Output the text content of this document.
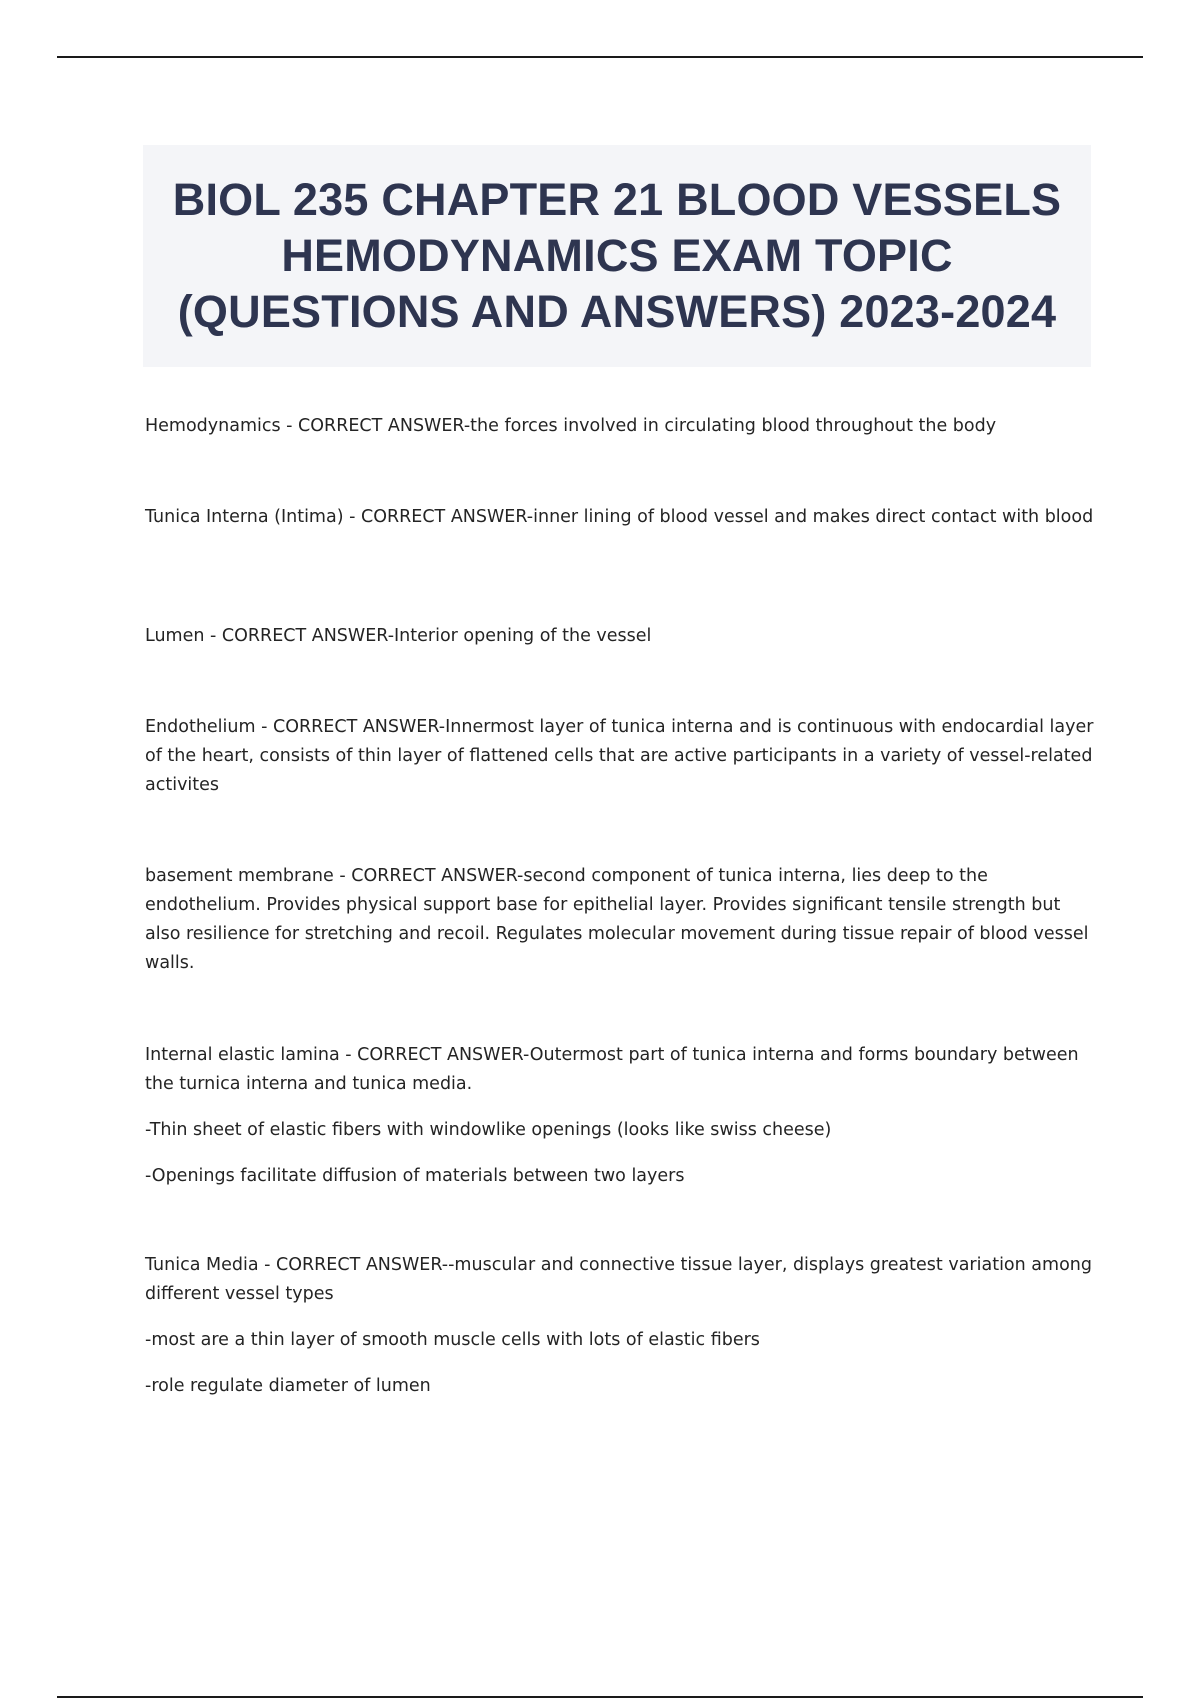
BIOL 235 CHAPTER 21 BLOOD VESSELS HEMODYNAMICS EXAM TOPIC (QUESTIONS AND ANSWERS) 2023-2024

Hemodynamics - CORRECT ANSWER-the forces involved in circulating blood throughout the body

Tunica Interna (Intima) - CORRECT ANSWER-inner lining of blood vessel and makes direct contact with blood

Lumen - CORRECT ANSWER-Interior opening of the vessel

Endothelium - CORRECT ANSWER-Innermost layer of tunica interna and is continuous with endocardial layer of the heart, consists of thin layer of flattened cells that are active participants in a variety of vessel-related activites

basement membrane - CORRECT ANSWER-second component of tunica interna, lies deep to the endothelium. Provides physical support base for epithelial layer. Provides significant tensile strength but also resilience for stretching and recoil. Regulates molecular movement during tissue repair of blood vessel walls.

Internal elastic lamina - CORRECT ANSWER-Outermost part of tunica interna and forms boundary between the turnica interna and tunica media.

-Thin sheet of elastic fibers with windowlike openings (looks like swiss cheese)

-Openings facilitate diffusion of materials between two layers

Tunica Media - CORRECT ANSWER--muscular and connective tissue layer, displays greatest variation among different vessel types

-most are a thin layer of smooth muscle cells with lots of elastic fibers

-role regulate diameter of lumen
